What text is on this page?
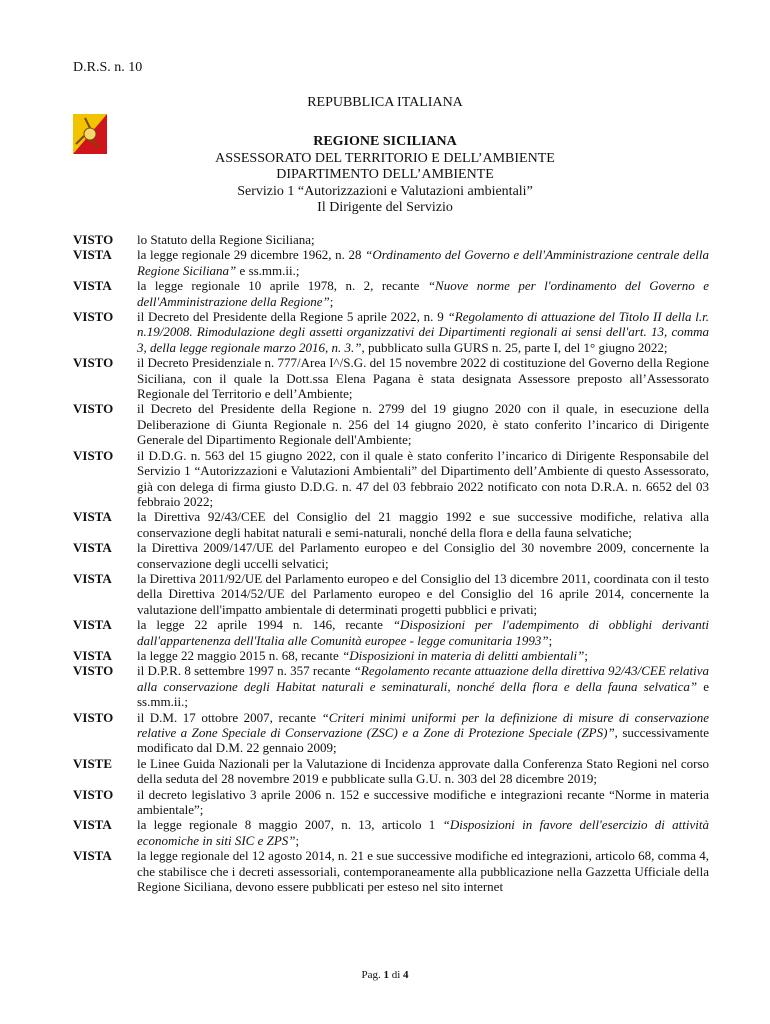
D.R.S. n. 10
REPUBBLICA ITALIANA
REGIONE SICILIANA
ASSESSORATO DEL TERRITORIO E DELL’AMBIENTE
DIPARTIMENTO DELL’AMBIENTE
Servizio 1 “Autorizzazioni e Valutazioni ambientali”
Il Dirigente del Servizio
VISTO	lo Statuto della Regione Siciliana;
VISTA	la legge regionale 29 dicembre 1962, n. 28 “Ordinamento del Governo e dell'Amministrazione centrale della Regione Siciliana” e ss.mm.ii.;
VISTA	la legge regionale 10 aprile 1978, n. 2, recante “Nuove norme per l'ordinamento del Governo e dell'Amministrazione della Regione”;
VISTO	il Decreto del Presidente della Regione 5 aprile 2022, n. 9 “Regolamento di attuazione del Titolo II della l.r. n.19/2008. Rimodulazione degli assetti organizzativi dei Dipartimenti regionali ai sensi dell'art. 13, comma 3, della legge regionale marzo 2016, n. 3.”, pubblicato sulla GURS n. 25, parte I, del 1° giugno 2022;
VISTO	il Decreto Presidenziale n. 777/Area I^/S.G. del 15 novembre 2022 di costituzione del Governo della Regione Siciliana, con il quale la Dott.ssa Elena Pagana è stata designata Assessore preposto all’Assessorato Regionale del Territorio e dell’Ambiente;
VISTO	il Decreto del Presidente della Regione n. 2799 del 19 giugno 2020 con il quale, in esecuzione della Deliberazione di Giunta Regionale n. 256 del 14 giugno 2020, è stato conferito l’incarico di Dirigente Generale del Dipartimento Regionale dell'Ambiente;
VISTO	il D.D.G. n. 563 del 15 giugno 2022, con il quale è stato conferito l’incarico di Dirigente Responsabile del Servizio 1 “Autorizzazioni e Valutazioni Ambientali” del Dipartimento dell’Ambiente di questo Assessorato, già con delega di firma giusto D.D.G. n. 47 del 03 febbraio 2022 notificato con nota D.R.A. n. 6652 del 03 febbraio 2022;
VISTA	la Direttiva 92/43/CEE del Consiglio del 21 maggio 1992 e sue successive modifiche, relativa alla conservazione degli habitat naturali e semi-naturali, nonché della flora e della fauna selvatiche;
VISTA	la Direttiva 2009/147/UE del Parlamento europeo e del Consiglio del 30 novembre 2009, concernente la conservazione degli uccelli selvatici;
VISTA	la Direttiva 2011/92/UE del Parlamento europeo e del Consiglio del 13 dicembre 2011, coordinata con il testo della Direttiva 2014/52/UE del Parlamento europeo e del Consiglio del 16 aprile 2014, concernente la valutazione dell'impatto ambientale di determinati progetti pubblici e privati;
VISTA	la legge 22 aprile 1994 n. 146, recante “Disposizioni per l'adempimento di obblighi derivanti dall'appartenenza dell'Italia alle Comunità europee - legge comunitaria 1993”;
VISTA	la legge 22 maggio 2015 n. 68, recante “Disposizioni in materia di delitti ambientali”;
VISTO	il D.P.R. 8 settembre 1997 n. 357 recante “Regolamento recante attuazione della direttiva 92/43/CEE relativa alla conservazione degli Habitat naturali e seminaturali, nonché della flora e della fauna selvatica” e ss.mm.ii.;
VISTO	il D.M. 17 ottobre 2007, recante “Criteri minimi uniformi per la definizione di misure di conservazione relative a Zone Speciale di Conservazione (ZSC) e a Zone di Protezione Speciale (ZPS)”, successivamente modificato dal D.M. 22 gennaio 2009;
VISTE	le Linee Guida Nazionali per la Valutazione di Incidenza approvate dalla Conferenza Stato Regioni nel corso della seduta del 28 novembre 2019 e pubblicate sulla G.U. n. 303 del 28 dicembre 2019;
VISTO	il decreto legislativo 3 aprile 2006 n. 152 e successive modifiche e integrazioni recante “Norme in materia ambientale”;
VISTA	la legge regionale 8 maggio 2007, n. 13, articolo 1 “Disposizioni in favore dell'esercizio di attività economiche in siti SIC e ZPS”;
VISTA	la legge regionale del 12 agosto 2014, n. 21 e sue successive modifiche ed integrazioni, articolo 68, comma 4, che stabilisce che i decreti assessoriali, contemporaneamente alla pubblicazione nella Gazzetta Ufficiale della Regione Siciliana, devono essere pubblicati per esteso nel sito internet
Pag. 1 di 4
